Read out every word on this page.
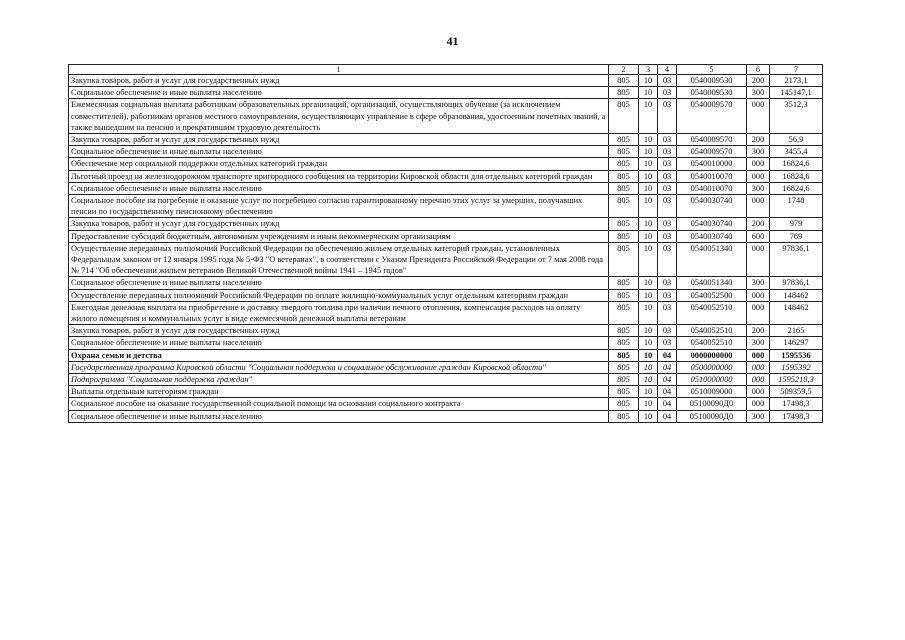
41
1	2	3	4	5	6	7
Закупка товаров, работ и услуг для государственных нужд	805	10	03	0540009530	200	2173,1
Социальное обеспечение и иные выплаты населению	805	10	03	0540009530	300	145147,1
Ежемесячная социальная выплата работникам образовательных организаций, организаций, осуществляющих обучение (за исключением совместителей), работникам органов местного самоуправления, осуществляющих управление в сфере образования, удостоенным почетных званий, а также вышедшим на пенсию и прекратившим трудовую деятельность	805	10	03	0540009570	000	3512,3
Закупка товаров, работ и услуг для государственных нужд	805	10	03	0540009570	200	56,9
Социальное обеспечение и иные выплаты населению	805	10	03	0540009570	300	3455,4
Обеспечение мер социальной поддержки отдельных категорий граждан	805	10	03	0540010000	000	16824,6
Льготный проезд на железнодорожном транспорте пригородного сообщения на территории Кировской области для отдельных категорий граждан	805	10	03	0540010070	000	16824,6
Социальное обеспечение и иные выплаты населению	805	10	03	0540010070	300	16824,6
Социальное пособие на погребение и оказание услуг по погребению согласно гарантированному перечню этих услуг за умерших, получавших пенсии по государственному пенсионному обеспечению	805	10	03	0540030740	000	1748
Закупка товаров, работ и услуг для государственных нужд	805	10	03	0540030740	200	979
Предоставление субсидий бюджетным, автономным учреждениям и иным некоммерческим организациям	805	10	03	0540030740	600	769
Осуществление переданных полномочий Российской Федерации по обеспечению жильем отдельных категорий граждан, установленных Федеральным законом от 12 января 1995 года № 5-ФЗ "О ветеранах", в соответствии с Указом Президента Российской Федерации от 7 мая 2008 года № 714 "Об обеспечении жильем ветеранов Великой Отечественной войны 1941 – 1945 годов"	805	10	03	0540051340	000	97836,1
Социальное обеспечение и иные выплаты населению	805	10	03	0540051340	300	97836,1
Осуществление переданных полномочий Российской Федерации по оплате жилищно-коммунальных услуг отдельным категориям граждан	805	10	03	0540052500	000	148462
Ежегодная денежная выплата на приобретение и доставку твердого топлива при наличии печного отопления, компенсация расходов на оплату жилого помещения и коммунальных услуг в виде ежемесячной денежной выплаты ветеранам	805	10	03	0540052510	000	148462
Закупка товаров, работ и услуг для государственных нужд	805	10	03	0540052510	200	2165
Социальное обеспечение и иные выплаты населению	805	10	03	0540052510	300	146297
Охрана семьи и детства	805	10	04	0000000000	000	1595536
Государственная программа Кировской области "Социальная поддержка и социальное обслуживание граждан Кировской области"	805	10	04	0500000000	000	1595392
Подпрограмма "Социальная поддержка граждан"	805	10	04	0510000000	000	1595218,3
Выплаты отдельным категориям граждан	805	10	04	0510009000	000	509359,5
Социальное пособие на оказание государственной социальной помощи на основании социального контракта	805	10	04	05100090Д0	000	17498,3
Социальное обеспечение и иные выплаты населению	805	10	04	05100090Д0	300	17498,3
